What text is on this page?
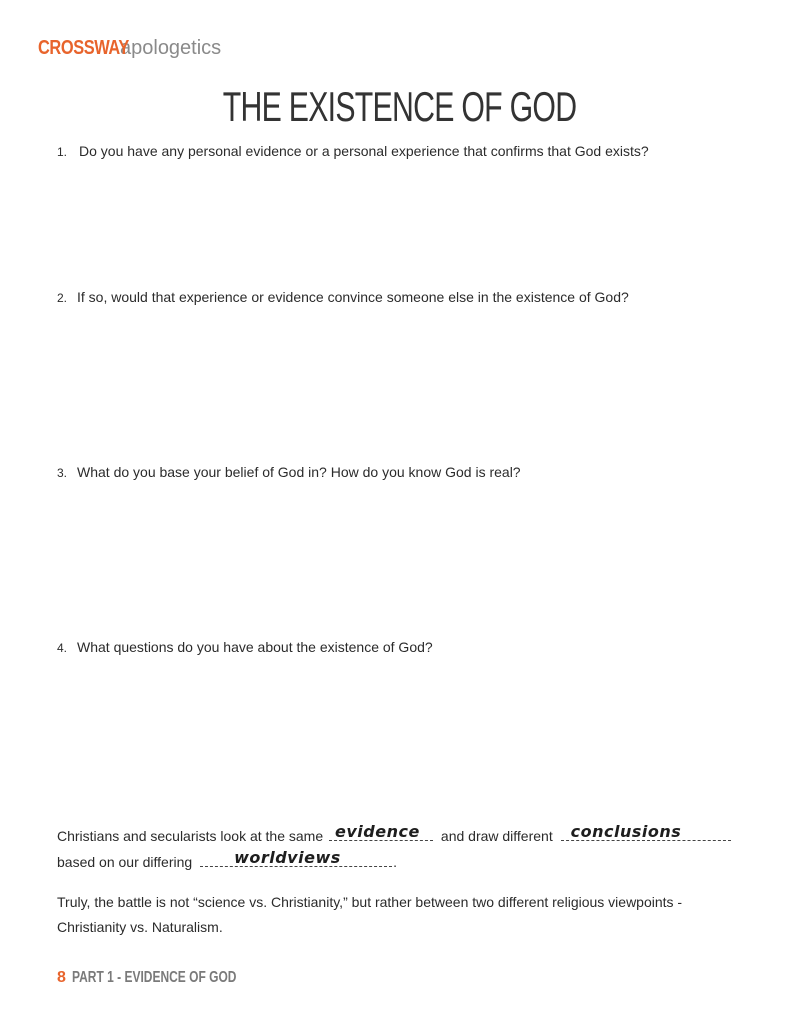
CROSSWAYapologetics
THE EXISTENCE OF GOD
1. Do you have any personal evidence or a personal experience that confirms that God exists?
2. If so, would that experience or evidence convince someone else in the existence of God?
3. What do you base your belief of God in? How do you know God is real?
4. What questions do you have about the existence of God?
Christians and secularists look at the same evidence and draw different conclusions
based on our differing	worldviews	.
Truly, the battle is not “science vs. Christianity,” but rather between two different religious viewpoints - Christianity vs. Naturalism.
8 PART 1 - EVIDENCE OF GOD
